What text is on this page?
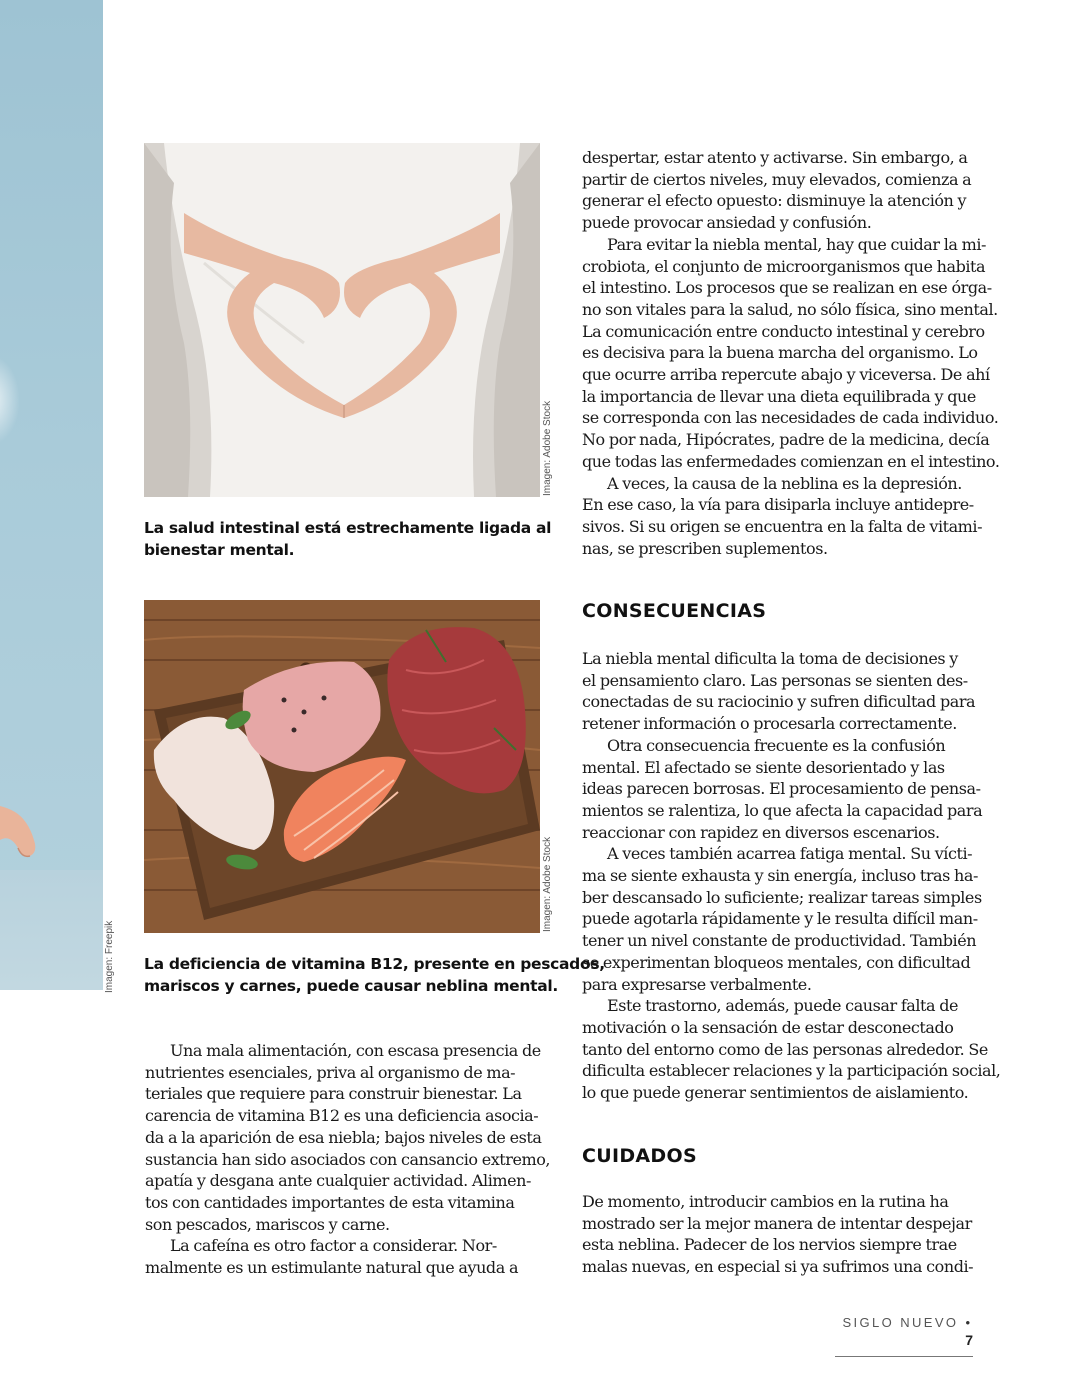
Imagen: Freepik
Imagen: Adobe Stock

La salud intestinal está estrechamente ligada al

bienestar mental.

Imagen: Adobe Stock

La deficiencia de vitamina B12, presente en pescados,

mariscos y carnes, puede causar neblina mental.

Una mala alimentación, con escasa presencia de

nutrientes esenciales, priva al organismo de ma-

teriales que requiere para construir bienestar. La

carencia de vitamina B12 es una deficiencia asocia-

da a la aparición de esa niebla; bajos niveles de esta

sustancia han sido asociados con cansancio extremo,

apatía y desgana ante cualquier actividad. Alimen-

tos con cantidades importantes de esta vitamina

son pescados, mariscos y carne.

La cafeína es otro factor a considerar. Nor-

malmente es un estimulante natural que ayuda a

despertar, estar atento y activarse. Sin embargo, a

partir de ciertos niveles, muy elevados, comienza a

generar el efecto opuesto: disminuye la atención y

puede provocar ansiedad y confusión.

Para evitar la niebla mental, hay que cuidar la mi-

crobiota, el conjunto de microorganismos que habita

el intestino. Los procesos que se realizan en ese órga-

no son vitales para la salud, no sólo física, sino mental.

La comunicación entre conducto intestinal y cerebro

es decisiva para la buena marcha del organismo. Lo

que ocurre arriba repercute abajo y viceversa. De ahí

la importancia de llevar una dieta equilibrada y que

se corresponda con las necesidades de cada individuo.

No por nada, Hipócrates, padre de la medicina, decía

que todas las enfermedades comienzan en el intestino.

A veces, la causa de la neblina es la depresión.

En ese caso, la vía para disiparla incluye antidepre-

sivos. Si su origen se encuentra en la falta de vitami-

nas, se prescriben suplementos.

CONSECUENCIAS

La niebla mental dificulta la toma de decisiones y

el pensamiento claro. Las personas se sienten des-

conectadas de su raciocinio y sufren dificultad para

retener información o procesarla correctamente.

Otra consecuencia frecuente es la confusión

mental. El afectado se siente desorientado y las

ideas parecen borrosas. El procesamiento de pensa-

mientos se ralentiza, lo que afecta la capacidad para

reaccionar con rapidez en diversos escenarios.

A veces también acarrea fatiga mental. Su vícti-

ma se siente exhausta y sin energía, incluso tras ha-

ber descansado lo suficiente; realizar tareas simples

puede agotarla rápidamente y le resulta difícil man-

tener un nivel constante de productividad. También

se experimentan bloqueos mentales, con dificultad

para expresarse verbalmente.

Este trastorno, además, puede causar falta de

motivación o la sensación de estar desconectado

tanto del entorno como de las personas alrededor. Se

dificulta establecer relaciones y la participación social,

lo que puede generar sentimientos de aislamiento.

CUIDADOS

De momento, introducir cambios en la rutina ha

mostrado ser la mejor manera de intentar despejar

esta neblina. Padecer de los nervios siempre trae

malas nuevas, en especial si ya sufrimos una condi-

SIGLO NUEVO • 7
